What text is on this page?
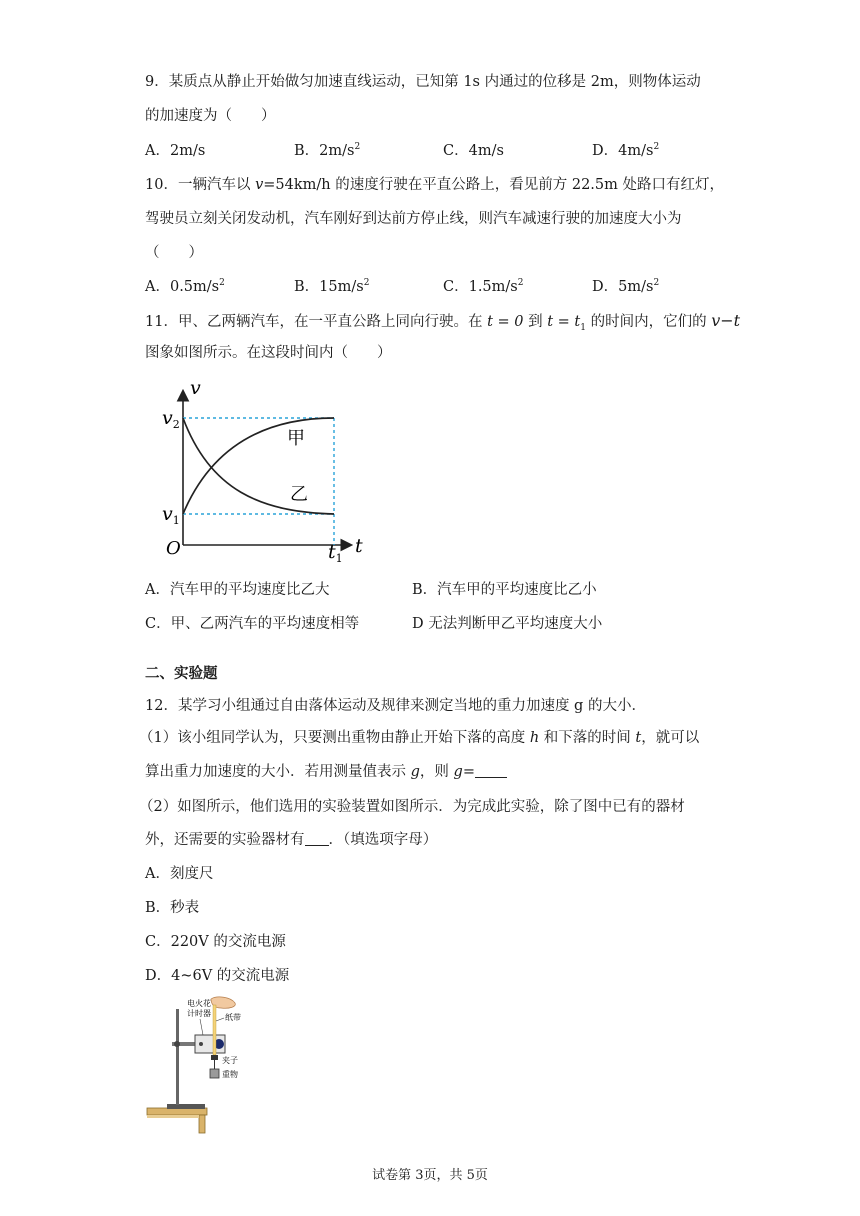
9．某质点从静止开始做匀加速直线运动，已知第 1s 内通过的位移是 2m，则物体运动
的加速度为（　　）
A．2m/s	B．$2m/s^2$	C．4m/s	D．$4m/s^2$
10．一辆汽车以 v=54km/h 的速度行驶在平直公路上，看见前方 22.5m 处路口有红灯，
驾驶员立刻关闭发动机，汽车刚好到达前方停止线，则汽车减速行驶的加速度大小为
（　　）
A．$0.5m/s^2$	B．$15m/s^2$	C．$1.5m/s^2$	D．$5m/s^2$
11．甲、乙两辆汽车，在一平直公路上同向行驶。在 t = 0 到 $t = t_1$ 的时间内，它们的 v−t
图象如图所示。在这段时间内（　　）
v
t
O
$v_2$
$v_1$
$t_1$
甲
乙
A．汽车甲的平均速度比乙大	B．汽车甲的平均速度比乙小
C．甲、乙两汽车的平均速度相等	D 无法判断甲乙平均速度大小
二、实验题
12．某学习小组通过自由落体运动及规律来测定当地的重力加速度 g 的大小．
（1）该小组同学认为，只要测出重物由静止开始下落的高度 h 和下落的时间 t，就可以
算出重力加速度的大小．若用测量值表示 g，则 g=
（2）如图所示，他们选用的实验装置如图所示．为完成此实验，除了图中已有的器材
外，还需要的实验器材有 ．（填选项字母）
A．刻度尺
B．秒表
C．220V 的交流电源
D．4~6V 的交流电源
电火花
计时器 纸带
夹子
重物
试卷第 3页，共 5页
